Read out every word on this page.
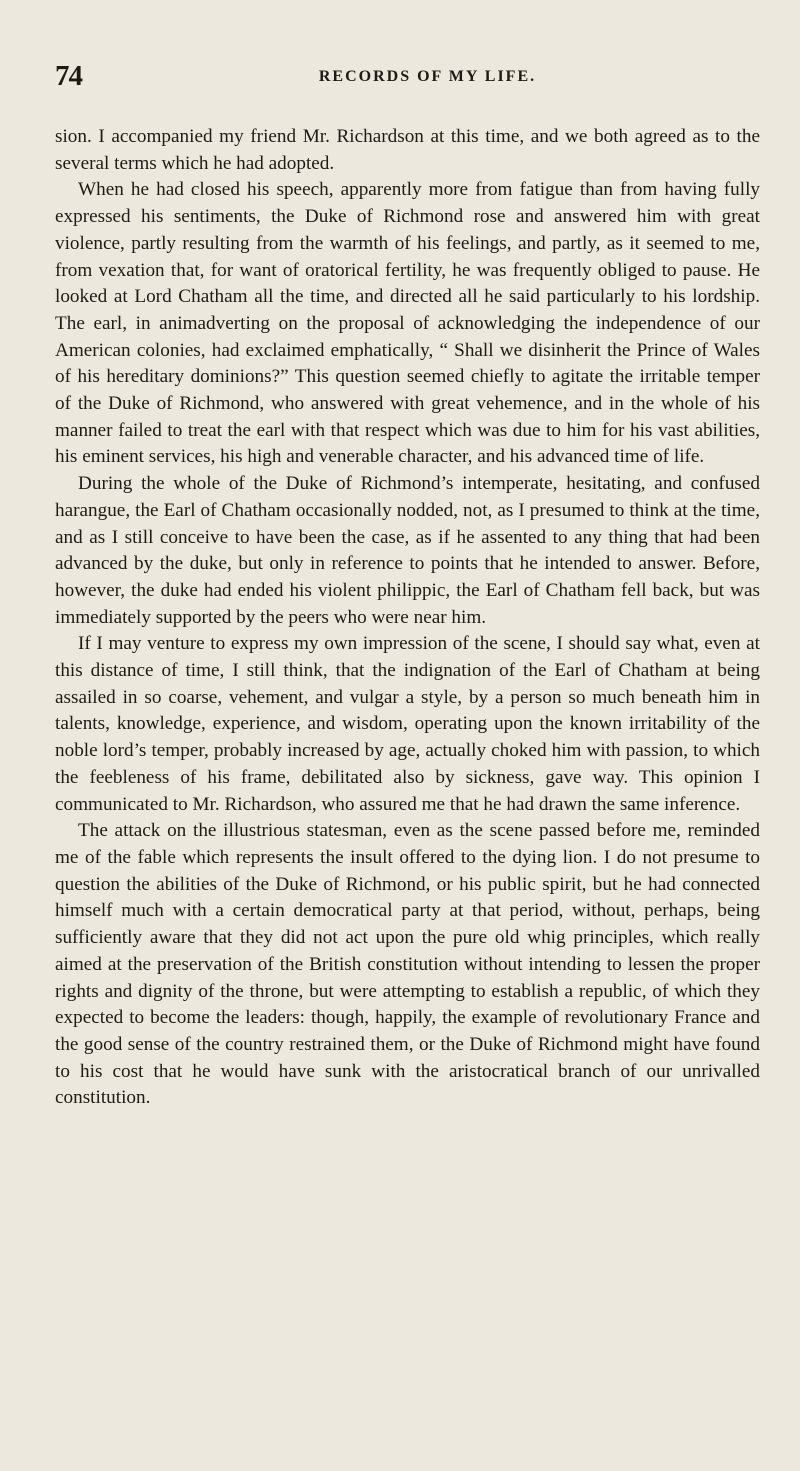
74	RECORDS OF MY LIFE.

sion. I accompanied my friend Mr. Richardson at this time, and we both agreed as to the several terms which he had adopted.

When he had closed his speech, apparently more from fatigue than from having fully expressed his sentiments, the Duke of Richmond rose and answered him with great violence, partly resulting from the warmth of his feelings, and partly, as it seemed to me, from vexation that, for want of oratorical fertility, he was frequently obliged to pause. He looked at Lord Chatham all the time, and directed all he said particularly to his lordship. The earl, in animadverting on the proposal of acknowledging the independence of our American colonies, had exclaimed emphatically, “ Shall we disinherit the Prince of Wales of his hereditary dominions?” This question seemed chiefly to agitate the irritable temper of the Duke of Richmond, who answered with great vehemence, and in the whole of his manner failed to treat the earl with that respect which was due to him for his vast abilities, his eminent services, his high and venerable character, and his advanced time of life.

During the whole of the Duke of Richmond’s intemperate, hesitating, and confused harangue, the Earl of Chatham occasionally nodded, not, as I presumed to think at the time, and as I still conceive to have been the case, as if he assented to any thing that had been advanced by the duke, but only in reference to points that he intended to answer. Before, however, the duke had ended his violent philippic, the Earl of Chatham fell back, but was immediately supported by the peers who were near him.

If I may venture to express my own impression of the scene, I should say what, even at this distance of time, I still think, that the indignation of the Earl of Chatham at being assailed in so coarse, vehement, and vulgar a style, by a person so much beneath him in talents, knowledge, experience, and wisdom, operating upon the known irritability of the noble lord’s temper, probably increased by age, actually choked him with passion, to which the feebleness of his frame, debilitated also by sickness, gave way. This opinion I communicated to Mr. Richardson, who assured me that he had drawn the same inference.

The attack on the illustrious statesman, even as the scene passed before me, reminded me of the fable which represents the insult offered to the dying lion. I do not presume to question the abilities of the Duke of Richmond, or his public spirit, but he had connected himself much with a certain democratical party at that period, without, perhaps, being sufficiently aware that they did not act upon the pure old whig principles, which really aimed at the preservation of the British constitution without intending to lessen the proper rights and dignity of the throne, but were attempting to establish a republic, of which they expected to become the leaders: though, happily, the example of revolutionary France and the good sense of the country restrained them, or the Duke of Richmond might have found to his cost that he would have sunk with the aristocratical branch of our unrivalled constitution.
